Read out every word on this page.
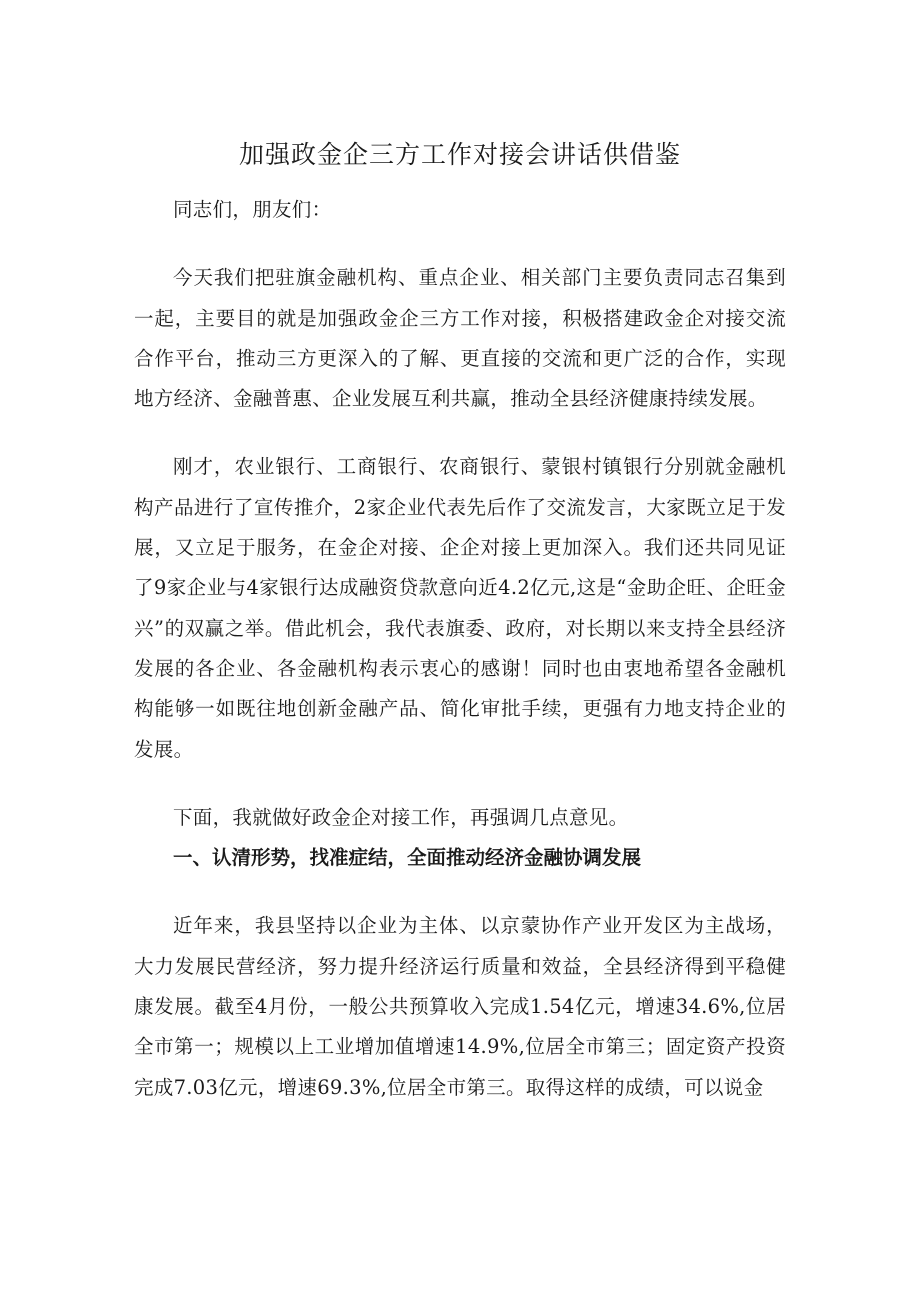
加强政金企三方工作对接会讲话供借鉴

同志们，朋友们：

今天我们把驻旗金融机构、重点企业、相关部门主要负责同志召集到一起，主要目的就是加强政金企三方工作对接，积极搭建政金企对接交流合作平台，推动三方更深入的了解、更直接的交流和更广泛的合作，实现地方经济、金融普惠、企业发展互利共赢，推动全县经济健康持续发展。

刚才，农业银行、工商银行、农商银行、蒙银村镇银行分别就金融机构产品进行了宣传推介，2家企业代表先后作了交流发言，大家既立足于发展，又立足于服务，在金企对接、企企对接上更加深入。我们还共同见证了9家企业与4家银行达成融资贷款意向近4.2亿元,这是“金助企旺、企旺金兴”的双赢之举。借此机会，我代表旗委、政府，对长期以来支持全县经济发展的各企业、各金融机构表示衷心的感谢！同时也由衷地希望各金融机构能够一如既往地创新金融产品、简化审批手续，更强有力地支持企业的发展。

下面，我就做好政金企对接工作，再强调几点意见。

一、认清形势，找准症结，全面推动经济金融协调发展

近年来，我县坚持以企业为主体、以京蒙协作产业开发区为主战场，大力发展民营经济，努力提升经济运行质量和效益，全县经济得到平稳健康发展。截至4月份，一般公共预算收入完成1.54亿元，增速34.6%,位居全市第一；规模以上工业增加值增速14.9%,位居全市第三；固定资产投资完成7.03亿元，增速69.3%,位居全市第三。取得这样的成绩，可以说金
